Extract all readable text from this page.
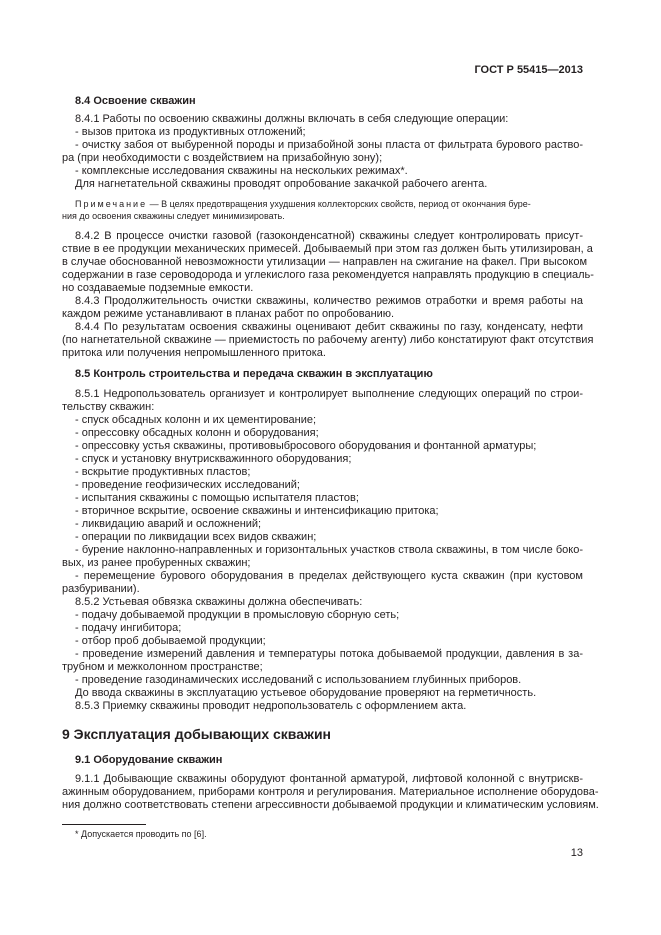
ГОСТ Р 55415—2013
8.4 Освоение скважин
8.4.1 Работы по освоению скважины должны включать в себя следующие операции:
- вызов притока из продуктивных отложений;
- очистку забоя от выбуренной породы и призабойной зоны пласта от фильтрата бурового раство-
ра (при необходимости с воздействием на призабойную зону);
- комплексные исследования скважины на нескольких режимах*.
Для нагнетательной скважины проводят опробование закачкой рабочего агента.
Примечание — В целях предотвращения ухудшения коллекторских свойств, период от окончания буре-
ния до освоения скважины следует минимизировать.
8.4.2 В процессе очистки газовой (газоконденсатной) скважины следует контролировать присут-
ствие в ее продукции механических примесей. Добываемый при этом газ должен быть утилизирован, а
в случае обоснованной невозможности утилизации — направлен на сжигание на факел. При высоком
содержании в газе сероводорода и углекислого газа рекомендуется направлять продукцию в специаль-
но создаваемые подземные емкости.
8.4.3 Продолжительность очистки скважины, количество режимов отработки и время работы на
каждом режиме устанавливают в планах работ по опробованию.
8.4.4 По результатам освоения скважины оценивают дебит скважины по газу, конденсату, нефти
(по нагнетательной скважине — приемистость по рабочему агенту) либо констатируют факт отсутствия
притока или получения непромышленного притока.
8.5 Контроль строительства и передача скважин в эксплуатацию
8.5.1 Недропользователь организует и контролирует выполнение следующих операций по строи-
тельству скважин:
- спуск обсадных колонн и их цементирование;
- опрессовку обсадных колонн и оборудования;
- опрессовку устья скважины, противовыбросового оборудования и фонтанной арматуры;
- спуск и установку внутрискважинного оборудования;
- вскрытие продуктивных пластов;
- проведение геофизических исследований;
- испытания скважины с помощью испытателя пластов;
- вторичное вскрытие, освоение скважины и интенсификацию притока;
- ликвидацию аварий и осложнений;
- операции по ликвидации всех видов скважин;
- бурение наклонно-направленных и горизонтальных участков ствола скважины, в том числе боко-
вых, из ранее пробуренных скважин;
- перемещение бурового оборудования в пределах действующего куста скважин (при кустовом
разбуривании).
8.5.2 Устьевая обвязка скважины должна обеспечивать:
- подачу добываемой продукции в промысловую сборную сеть;
- подачу ингибитора;
- отбор проб добываемой продукции;
- проведение измерений давления и температуры потока добываемой продукции, давления в за-
трубном и межколонном пространстве;
- проведение газодинамических исследований с использованием глубинных приборов.
До ввода скважины в эксплуатацию устьевое оборудование проверяют на герметичность.
8.5.3 Приемку скважины проводит недропользователь с оформлением акта.
9 Эксплуатация добывающих скважин
9.1 Оборудование скважин
9.1.1 Добывающие скважины оборудуют фонтанной арматурой, лифтовой колонной с внутрискв-
ажинным оборудованием, приборами контроля и регулирования. Материальное исполнение оборудова-
ния должно соответствовать степени агрессивности добываемой продукции и климатическим условиям.
* Допускается проводить по [6].
13
